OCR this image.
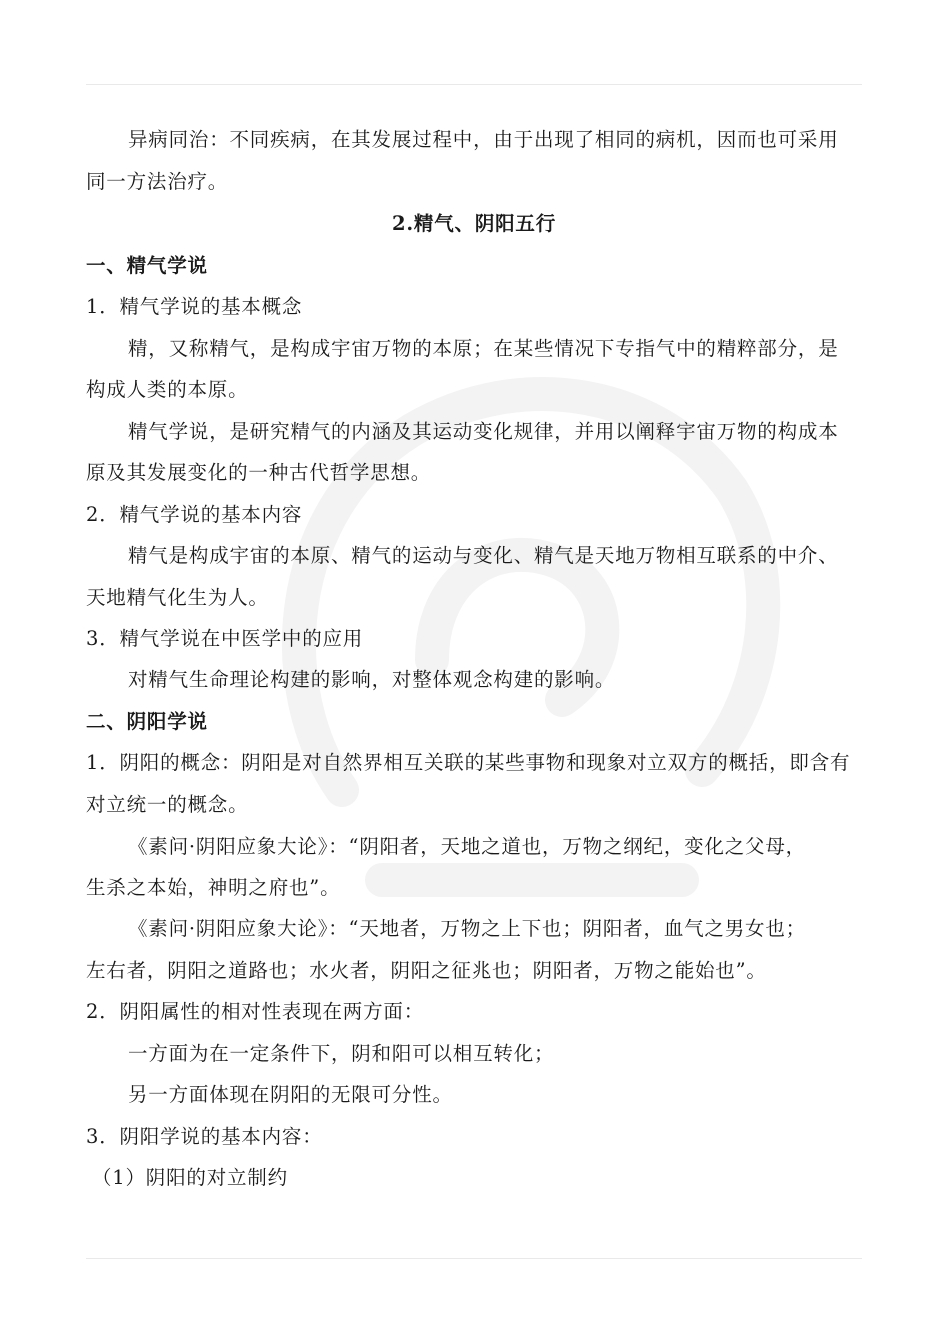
异病同治：不同疾病，在其发展过程中，由于出现了相同的病机，因而也可采用
同一方法治疗。
2.精气、阴阳五行
一、精气学说
1．精气学说的基本概念
精，又称精气，是构成宇宙万物的本原；在某些情况下专指气中的精粹部分，是
构成人类的本原。
精气学说，是研究精气的内涵及其运动变化规律，并用以阐释宇宙万物的构成本
原及其发展变化的一种古代哲学思想。
2．精气学说的基本内容
精气是构成宇宙的本原、精气的运动与变化、精气是天地万物相互联系的中介、
天地精气化生为人。
3．精气学说在中医学中的应用
对精气生命理论构建的影响，对整体观念构建的影响。
二、阴阳学说
1．阴阳的概念：阴阳是对自然界相互关联的某些事物和现象对立双方的概括，即含有
对立统一的概念。
《素问·阴阳应象大论》：“阴阳者，天地之道也，万物之纲纪，变化之父母，
生杀之本始，神明之府也”。
《素问·阴阳应象大论》：“天地者，万物之上下也；阴阳者，血气之男女也；
左右者，阴阳之道路也；水火者，阴阳之征兆也；阴阳者，万物之能始也”。
2．阴阳属性的相对性表现在两方面：
一方面为在一定条件下，阴和阳可以相互转化；
另一方面体现在阴阳的无限可分性。
3．阴阳学说的基本内容：
（1）阴阳的对立制约
